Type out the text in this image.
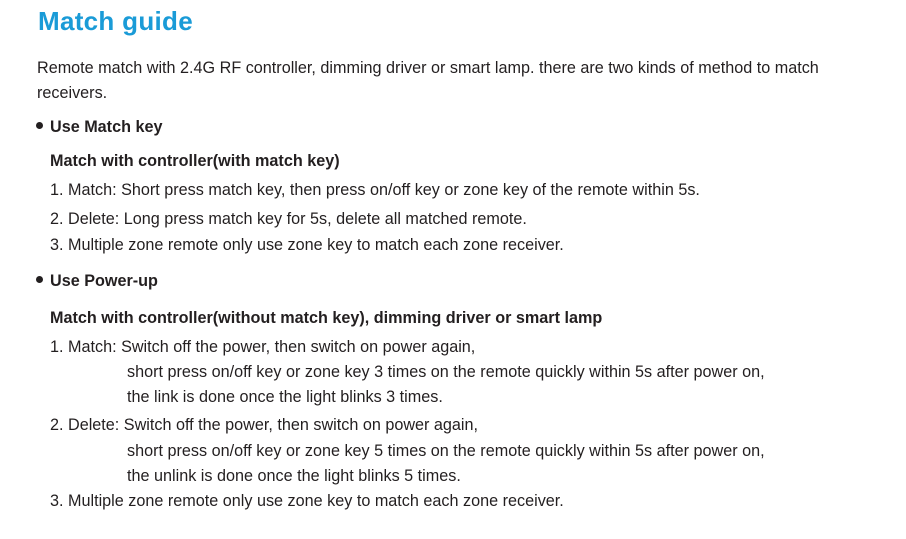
Match guide

Remote match with 2.4G RF controller, dimming driver or smart lamp. there are two kinds of method to match receivers.

Use Match key

Match with controller(with match key)

1. Match: Short press match key, then press on/off key or zone key of the remote within 5s.

2. Delete: Long press match key for 5s, delete all matched remote.

3. Multiple zone remote only use zone key to match each zone receiver.

Use Power-up

Match with controller(without match key), dimming driver or smart lamp

1. Match: Switch off the power, then switch on power again,

short press on/off key or zone key 3 times on the remote quickly within 5s after power on,

the link is done once the light blinks 3 times.

2. Delete: Switch off the power, then switch on power again,

short press on/off key or zone key 5 times on the remote quickly within 5s after power on,

the unlink is done once the light blinks 5 times.

3. Multiple zone remote only use zone key to match each zone receiver.
